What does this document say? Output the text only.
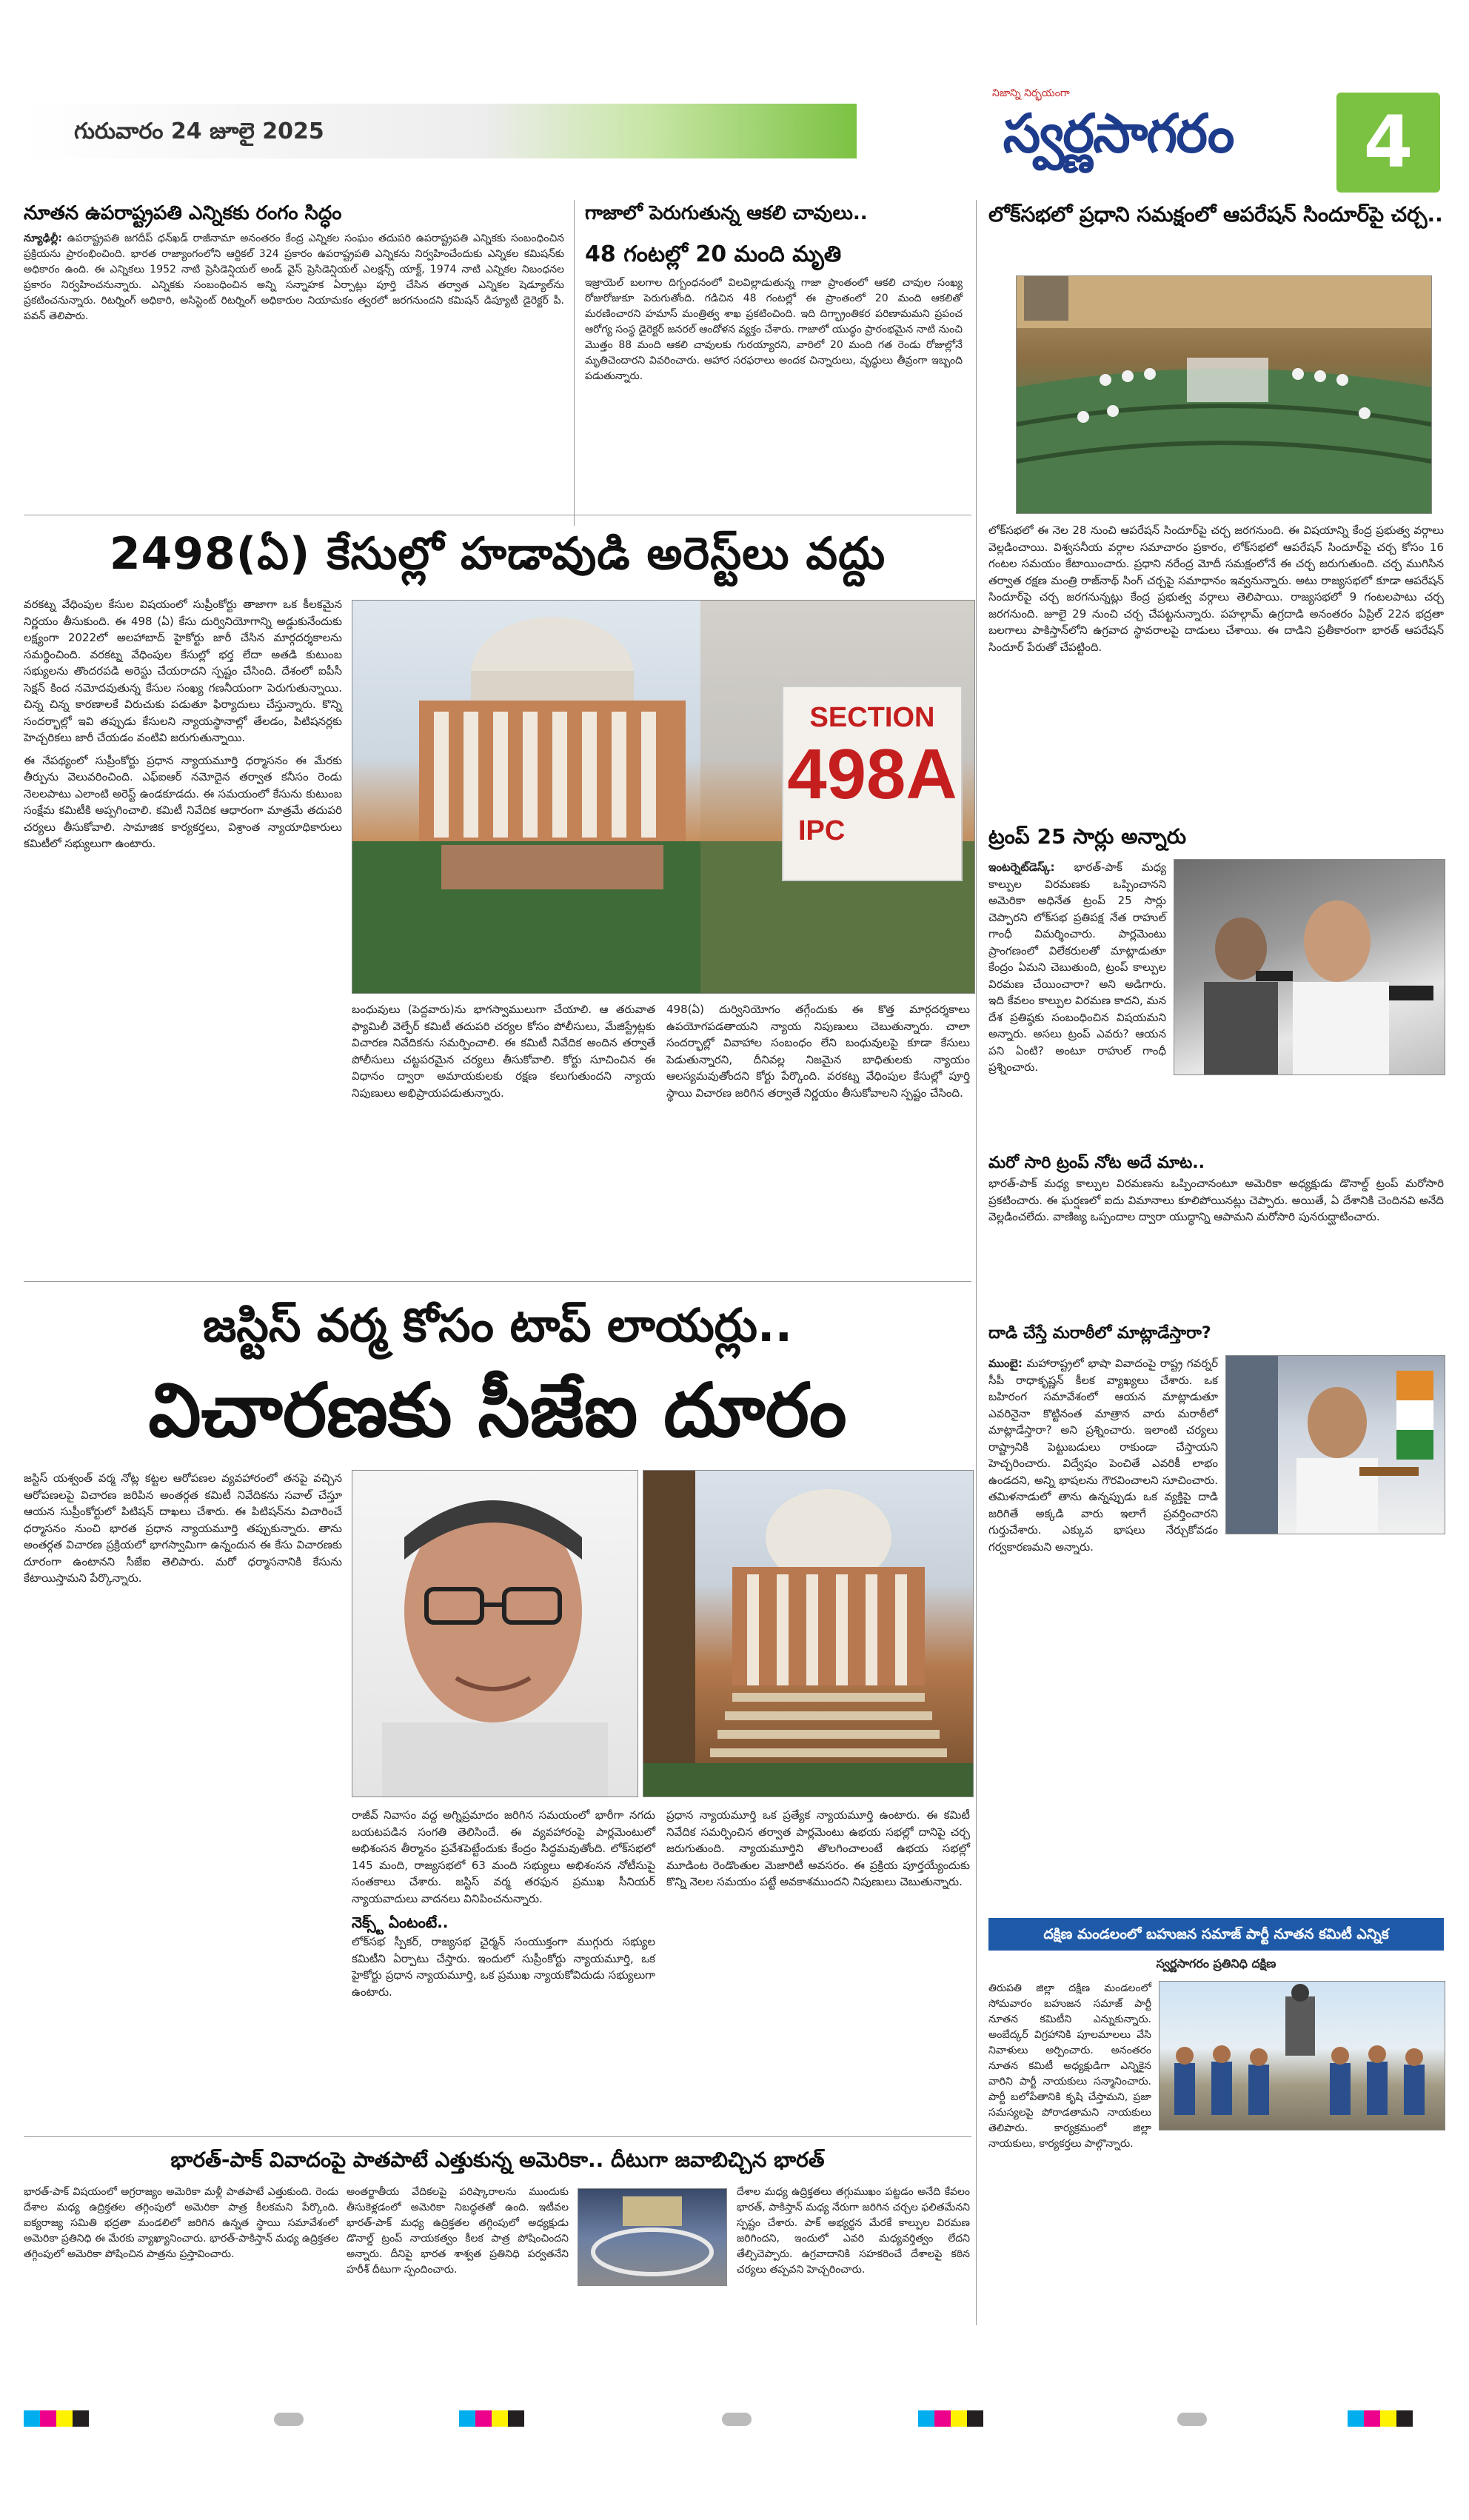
గురువారం 24 జూలై 2025
నిజాన్ని నిర్భయంగా
స్వర్ణసాగరం	4

నూతన ఉపరాష్ట్రపతి ఎన్నికకు రంగం సిద్ధం

న్యూఢిల్లీ: ఉపరాష్ట్రపతి జగదీప్ ధన్‌ఖడ్ రాజీనామా అనంతరం కేంద్ర ఎన్నికల సంఘం తదుపరి ఉపరాష్ట్రపతి ఎన్నికకు సంబంధించిన ప్రక్రియను ప్రారంభించింది. భారత రాజ్యాంగంలోని ఆర్టికల్ 324 ప్రకారం ఉపరాష్ట్రపతి ఎన్నికను నిర్వహించేందుకు ఎన్నికల కమిషన్‌కు అధికారం ఉంది. ఈ ఎన్నికలు 1952 నాటి ప్రెసిడెన్షియల్ అండ్ వైస్ ప్రెసిడెన్షియల్ ఎలక్షన్స్ యాక్ట్, 1974 నాటి ఎన్నికల నిబంధనల ప్రకారం నిర్వహించనున్నారు. ఎన్నికకు సంబంధించిన అన్ని సన్నాహక ఏర్పాట్లు పూర్తి చేసిన తర్వాత ఎన్నికల షెడ్యూల్‌ను ప్రకటించనున్నారు. రిటర్నింగ్ అధికారి, అసిస్టెంట్ రిటర్నింగ్ అధికారుల నియామకం త్వరలో జరగనుందని కమిషన్ డిప్యూటీ డైరెక్టర్ పీ. పవన్ తెలిపారు.

గాజాలో పెరుగుతున్న ఆకలి చావులు..

48 గంటల్లో 20 మంది మృతి

ఇజ్రాయెల్ బలగాల దిగ్బంధనంలో విలవిల్లాడుతున్న గాజా ప్రాంతంలో ఆకలి చావుల సంఖ్య రోజురోజుకూ పెరుగుతోంది. గడిచిన 48 గంటల్లో ఈ ప్రాంతంలో 20 మంది ఆకలితో మరణించారని హమాస్ మంత్రిత్వ శాఖ ప్రకటించింది. ఇది దిగ్భ్రాంతికర పరిణామమని ప్రపంచ ఆరోగ్య సంస్థ డైరెక్టర్ జనరల్ ఆందోళన వ్యక్తం చేశారు. గాజాలో యుద్ధం ప్రారంభమైన నాటి నుంచి మొత్తం 88 మంది ఆకలి చావులకు గురయ్యారని, వారిలో 20 మంది గత రెండు రోజుల్లోనే మృతిచెందారని వివరించారు. ఆహార సరఫరాలు అందక చిన్నారులు, వృద్ధులు తీవ్రంగా ఇబ్బంది పడుతున్నారు.

లోక్‌సభలో ప్రధాని సమక్షంలో ఆపరేషన్ సిందూర్‌పై చర్చ..

లోక్‌సభలో ఈ నెల 28 నుంచి ఆపరేషన్ సిందూర్‌పై చర్చ జరగనుంది. ఈ విషయాన్ని కేంద్ర ప్రభుత్వ వర్గాలు వెల్లడించాయి. విశ్వసనీయ వర్గాల సమాచారం ప్రకారం, లోక్‌సభలో ఆపరేషన్ సిందూర్‌పై చర్చ కోసం 16 గంటల సమయం కేటాయించారు. ప్రధాని నరేంద్ర మోదీ సమక్షంలోనే ఈ చర్చ జరుగుతుంది. చర్చ ముగిసిన తర్వాత రక్షణ మంత్రి రాజ్‌నాథ్ సింగ్ చర్చపై సమాధానం ఇవ్వనున్నారు. అటు రాజ్యసభలో కూడా ఆపరేషన్ సిందూర్‌పై చర్చ జరగనున్నట్లు కేంద్ర ప్రభుత్వ వర్గాలు తెలిపాయి. రాజ్యసభలో 9 గంటలపాటు చర్చ జరగనుంది. జూలై 29 నుంచి చర్చ చేపట్టనున్నారు. పహల్గామ్ ఉగ్రదాడి అనంతరం ఏప్రిల్ 22న భద్రతా బలగాలు పాకిస్తాన్‌లోని ఉగ్రవాద స్థావరాలపై దాడులు చేశాయి. ఈ దాడిని ప్రతీకారంగా భారత్ ఆపరేషన్ సిందూర్ పేరుతో చేపట్టింది.

ట్రంప్ 25 సార్లు అన్నారు

ఇంటర్నెట్‌డెస్క్: భారత్-పాక్ మధ్య కాల్పుల విరమణకు ఒప్పించానని అమెరికా అధినేత ట్రంప్ 25 సార్లు చెప్పారని లోక్‌సభ ప్రతిపక్ష నేత రాహుల్ గాంధీ విమర్శించారు. పార్లమెంటు ప్రాంగణంలో విలేకరులతో మాట్లాడుతూ కేంద్రం ఏమని చెబుతుంది, ట్రంప్ కాల్పుల విరమణ చేయించారా? అని అడిగారు. ఇది కేవలం కాల్పుల విరమణ కాదని, మన దేశ ప్రతిష్ఠకు సంబంధించిన విషయమని అన్నారు. అసలు ట్రంప్ ఎవరు? ఆయన పని ఏంటి? అంటూ రాహుల్ గాంధీ ప్రశ్నించారు.

మరో సారి ట్రంప్ నోట అదే మాట..

భారత్-పాక్ మధ్య కాల్పుల విరమణను ఒప్పించానంటూ అమెరికా అధ్యక్షుడు డొనాల్డ్ ట్రంప్ మరోసారి ప్రకటించారు. ఈ ఘర్షణలో ఐదు విమానాలు కూలిపోయినట్లు చెప్పారు. అయితే, ఏ దేశానికి చెందినవి అనేది వెల్లడించలేదు. వాణిజ్య ఒప్పందాల ద్వారా యుద్ధాన్ని ఆపామని మరోసారి పునరుద్ఘాటించారు.

దాడి చేస్తే మరాఠీలో మాట్లాడేస్తారా?

ముంబై: మహారాష్ట్రలో భాషా వివాదంపై రాష్ట్ర గవర్నర్ సీపీ రాధాకృష్ణన్ కీలక వ్యాఖ్యలు చేశారు. ఒక బహిరంగ సమావేశంలో ఆయన మాట్లాడుతూ ఎవరినైనా కొట్టినంత మాత్రాన వారు మరాఠీలో మాట్లాడేస్తారా? అని ప్రశ్నించారు. ఇలాంటి చర్యలు రాష్ట్రానికి పెట్టుబడులు రాకుండా చేస్తాయని హెచ్చరించారు. విద్వేషం పెంచితే ఎవరికీ లాభం ఉండదని, అన్ని భాషలను గౌరవించాలని సూచించారు. తమిళనాడులో తాను ఉన్నప్పుడు ఒక వ్యక్తిపై దాడి జరిగితే అక్కడి వారు ఇలాగే ప్రవర్తించారని గుర్తుచేశారు. ఎక్కువ భాషలు నేర్చుకోవడం గర్వకారణమని అన్నారు.

దక్షిణ మండలంలో బహుజన సమాజ్ పార్టీ నూతన కమిటీ ఎన్నిక

స్వర్ణసాగరం ప్రతినిధి దక్షిణ

తిరుపతి జిల్లా దక్షిణ మండలంలో సోమవారం బహుజన సమాజ్ పార్టీ నూతన కమిటీని ఎన్నుకున్నారు. అంబేద్కర్ విగ్రహానికి పూలమాలలు వేసి నివాళులు అర్పించారు. అనంతరం నూతన కమిటీ అధ్యక్షుడిగా ఎన్నికైన వారిని పార్టీ నాయకులు సన్మానించారు. పార్టీ బలోపేతానికి కృషి చేస్తామని, ప్రజా సమస్యలపై పోరాడతామని నాయకులు తెలిపారు. కార్యక్రమంలో జిల్లా నాయకులు, కార్యకర్తలు పాల్గొన్నారు.

2498(ఏ) కేసుల్లో హడావుడి అరెస్ట్‌లు వద్దు

వరకట్న వేధింపుల కేసుల విషయంలో సుప్రీంకోర్టు తాజాగా ఒక కీలకమైన నిర్ణయం తీసుకుంది. ఈ 498 (ఏ) కేసు దుర్వినియోగాన్ని అడ్డుకునేందుకు లక్ష్యంగా 2022లో అలహాబాద్ హైకోర్టు జారీ చేసిన మార్గదర్శకాలను సమర్థించింది. వరకట్న వేధింపుల కేసుల్లో భర్త లేదా అతడి కుటుంబ సభ్యులను తొందరపడి అరెస్టు చేయరాదని స్పష్టం చేసింది. దేశంలో ఐపీసీ సెక్షన్ కింద నమోదవుతున్న కేసుల సంఖ్య గణనీయంగా పెరుగుతున్నాయి. చిన్న చిన్న కారణాలకే విరుచుకు పడుతూ ఫిర్యాదులు చేస్తున్నారు. కొన్ని సందర్భాల్లో ఇవి తప్పుడు కేసులని న్యాయస్థానాల్లో తేలడం, పిటిషనర్లకు హెచ్చరికలు జారీ చేయడం వంటివి జరుగుతున్నాయి.

ఈ నేపథ్యంలో సుప్రీంకోర్టు ప్రధాన న్యాయమూర్తి ధర్మాసనం ఈ మేరకు తీర్పును వెలువరించింది. ఎఫ్‌ఐఆర్ నమోదైన తర్వాత కనీసం రెండు నెలలపాటు ఎలాంటి అరెస్ట్‌ ఉండకూడదు. ఈ సమయంలో కేసును కుటుంబ సంక్షేమ కమిటీకి అప్పగించాలి. కమిటీ నివేదిక ఆధారంగా మాత్రమే తదుపరి చర్యలు తీసుకోవాలి. సామాజిక కార్యకర్తలు, విశ్రాంత న్యాయాధికారులు కమిటీలో సభ్యులుగా ఉంటారు.

SECTION
498A
IPC

బంధువులు (పెద్దవారు)ను భాగస్వాములుగా చేయాలి. ఆ తరువాత ఫ్యామిలీ వెల్ఫేర్ కమిటీ తదుపరి చర్యల కోసం పోలీసులు, మేజిస్ట్రేట్లకు విచారణ నివేదికను సమర్పించాలి. ఈ కమిటీ నివేదిక అందిన తర్వాతే పోలీసులు చట్టపరమైన చర్యలు తీసుకోవాలి. కోర్టు సూచించిన ఈ విధానం ద్వారా అమాయకులకు రక్షణ కలుగుతుందని న్యాయ నిపుణులు అభిప్రాయపడుతున్నారు.

498(ఏ) దుర్వినియోగం తగ్గేందుకు ఈ కొత్త మార్గదర్శకాలు ఉపయోగపడతాయని న్యాయ నిపుణులు చెబుతున్నారు. చాలా సందర్భాల్లో వివాహాల సంబంధం లేని బంధువులపై కూడా కేసులు పెడుతున్నారని, దీనివల్ల నిజమైన బాధితులకు న్యాయం ఆలస్యమవుతోందని కోర్టు పేర్కొంది. వరకట్న వేధింపుల కేసుల్లో పూర్తి స్థాయి విచారణ జరిగిన తర్వాతే నిర్ణయం తీసుకోవాలని స్పష్టం చేసింది.

జస్టిస్ వర్మ కోసం టాప్ లాయర్లు..
విచారణకు సీజేఐ దూరం

జస్టిస్ యశ్వంత్ వర్మ నోట్ల కట్టల ఆరోపణల వ్యవహారంలో తనపై వచ్చిన ఆరోపణలపై విచారణ జరిపిన అంతర్గత కమిటీ నివేదికను సవాల్ చేస్తూ ఆయన సుప్రీంకోర్టులో పిటిషన్ దాఖలు చేశారు. ఈ పిటిషన్‌ను విచారించే ధర్మాసనం నుంచి భారత ప్రధాన న్యాయమూర్తి తప్పుకున్నారు. తాను అంతర్గత విచారణ ప్రక్రియలో భాగస్వామిగా ఉన్నందున ఈ కేసు విచారణకు దూరంగా ఉంటానని సీజేఐ తెలిపారు. మరో ధర్మాసనానికి కేసును కేటాయిస్తామని పేర్కొన్నారు.

రాజీవ్ నివాసం వద్ద అగ్నిప్రమాదం జరిగిన సమయంలో భారీగా నగదు బయటపడిన సంగతి తెలిసిందే. ఈ వ్యవహారంపై పార్లమెంటులో అభిశంసన తీర్మానం ప్రవేశపెట్టేందుకు కేంద్రం సిద్ధమవుతోంది. లోక్‌సభలో 145 మంది, రాజ్యసభలో 63 మంది సభ్యులు అభిశంసన నోటీసుపై సంతకాలు చేశారు. జస్టిస్ వర్మ తరఫున ప్రముఖ సీనియర్ న్యాయవాదులు వాదనలు వినిపించనున్నారు.

నెక్స్ట్ ఏంటంటే..

లోక్‌సభ స్పీకర్, రాజ్యసభ చైర్మన్ సంయుక్తంగా ముగ్గురు సభ్యుల కమిటీని ఏర్పాటు చేస్తారు. ఇందులో సుప్రీంకోర్టు న్యాయమూర్తి, ఒక హైకోర్టు ప్రధాన న్యాయమూర్తి, ఒక ప్రముఖ న్యాయకోవిదుడు సభ్యులుగా ఉంటారు.

ప్రధాన న్యాయమూర్తి ఒక ప్రత్యేక న్యాయమూర్తి ఉంటారు. ఈ కమిటీ నివేదిక సమర్పించిన తర్వాత పార్లమెంటు ఉభయ సభల్లో దానిపై చర్చ జరుగుతుంది. న్యాయమూర్తిని తొలగించాలంటే ఉభయ సభల్లో మూడింట రెండొంతుల మెజారిటీ అవసరం. ఈ ప్రక్రియ పూర్తయ్యేందుకు కొన్ని నెలల సమయం పట్టే అవకాశముందని నిపుణులు చెబుతున్నారు.

భారత్-పాక్ వివాదంపై పాతపాటే ఎత్తుకున్న అమెరికా.. దీటుగా జవాబిచ్చిన భారత్

భారత్-పాక్ విషయంలో అగ్రరాజ్యం అమెరికా మళ్లీ పాతపాటే ఎత్తుకుంది. రెండు దేశాల మధ్య ఉద్రిక్తతల తగ్గింపులో అమెరికా పాత్ర కీలకమని పేర్కొంది. ఐక్యరాజ్య సమితి భద్రతా మండలిలో జరిగిన ఉన్నత స్థాయి సమావేశంలో అమెరికా ప్రతినిధి ఈ మేరకు వ్యాఖ్యానించారు. భారత్-పాకిస్తాన్ మధ్య ఉద్రిక్తతల తగ్గింపులో అమెరికా పోషించిన పాత్రను ప్రస్తావించారు.

అంతర్జాతీయ వేదికలపై పరిష్కారాలను ముందుకు తీసుకెళ్లడంలో అమెరికా నిబద్ధతతో ఉంది. ఇటీవల భారత్-పాక్ మధ్య ఉద్రిక్తతల తగ్గింపులో అధ్యక్షుడు డొనాల్డ్ ట్రంప్ నాయకత్వం కీలక పాత్ర పోషించిందని అన్నారు. దీనిపై భారత శాశ్వత ప్రతినిధి పర్వతనేని హరీశ్ దీటుగా స్పందించారు.

దేశాల మధ్య ఉద్రిక్తతలు తగ్గుముఖం పట్టడం అనేది కేవలం భారత్, పాకిస్తాన్ మధ్య నేరుగా జరిగిన చర్చల ఫలితమేనని స్పష్టం చేశారు. పాక్ అభ్యర్థన మేరకే కాల్పుల విరమణ జరిగిందని, ఇందులో ఎవరి మధ్యవర్తిత్వం లేదని తేల్చిచెప్పారు. ఉగ్రవాదానికి సహకరించే దేశాలపై కఠిన చర్యలు తప్పవని హెచ్చరించారు.
